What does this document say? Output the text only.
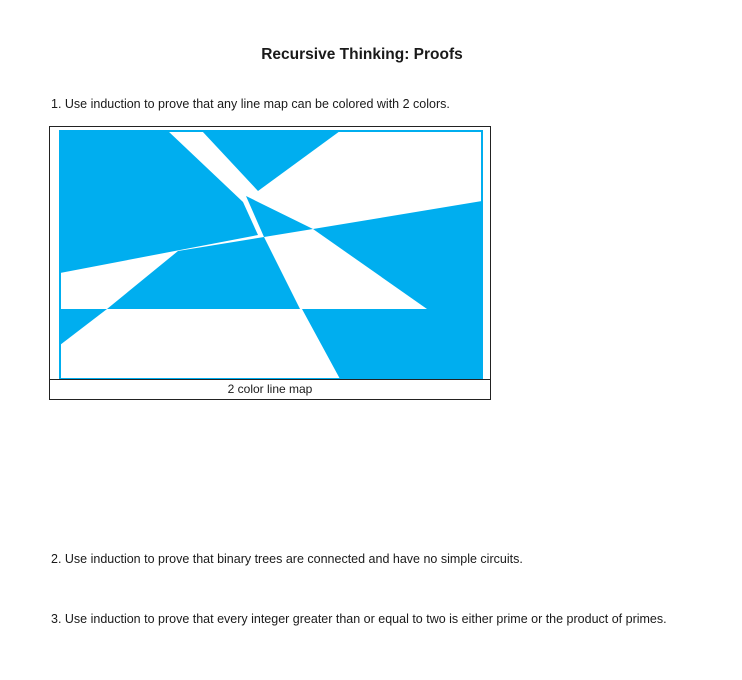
Recursive Thinking: Proofs

1. Use induction to prove that any line map can be colored with 2 colors.

2 color line map

2. Use induction to prove that binary trees are connected and have no simple circuits.

3. Use induction to prove that every integer greater than or equal to two is either prime or the product of primes.
